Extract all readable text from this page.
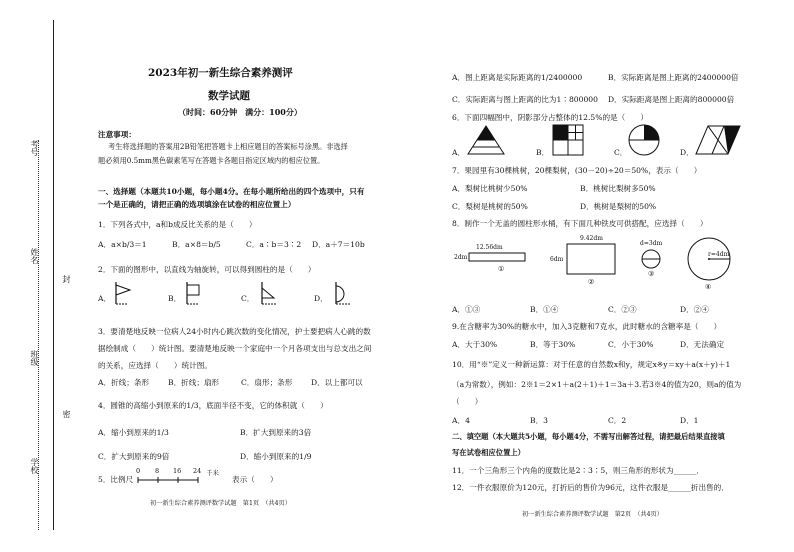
考号
姓名
封
班级
密
学校
2023年初一新生综合素养测评
数学试题
（时间：60分钟　满分：100分）
注意事项：
考生将选择题的答案用2B铅笔把答题卡上相应题目的答案标号涂黑。非选择
题必须用0.5mm黑色碳素笔写在答题卡各题目指定区域内的相应位置。
一、选择题（本题共10小题，每小题4分。在每小题所给出的四个选项中，只有
一个是正确的，请把正确的选项填涂在试卷的相应位置上）
1．下列各式中，a和b成反比关系的是（　　）
A．a×b/3＝1	B．a×8＝b/5	C．a∶b＝3∶2 D．a＋7＝10b
2．下面的图形中，以直线为轴旋转，可以得到圆柱的是（　　）
A．	B．	C．	D．
3．要清楚地反映一位病人24小时内心跳次数的变化情况，护士要把病人心跳的数
据绘制成（　　）统计图。要清楚地反映一个家庭中一个月各项支出与总支出之间
的关系，应选择（　　）统计图。
A．折线；条形 B．折线；扇形	C．扇形；条形 D．以上都可以
4．圆锥的高缩小到原来的1/3，底面半径不变，它的体积就（　　）
A．缩小到原来的1/3	B．扩大到原来的3倍
C．扩大到原来的9倍	D．缩小到原来的1/9
5．比例尺
0 8 16 24 千米
表示（　　）
初一新生综合素养测评数学试题　第1页　（共4页）
A．图上距离是实际距离的1/2400000	B．实际距离是图上距离的2400000倍
C．实际距离与图上距离的比为1∶800000 D．实际距离是图上距离的800000倍
6．下面四幅图中，阴影部分占整体的12.5%的是（　　）
A．	B．	C．	D．
7．果园里有30棵桃树，20棵梨树，(30－20)÷20＝50%，表示（　　）
A．梨树比桃树少50%	B．桃树比梨树多50%
C．梨树是桃树的50%	D．桃树是梨树的50%
8．制作一个无盖的圆柱形水桶，有下面几种铁皮可供搭配，应选择（　　）
12.56dm
2dm
①
9.42dm
6dm
②
d=3dm
③
r=4dm
④
A．①③	B．①④	C．②③	D．②④
9.在含糖率为30%的糖水中，加入3克糖和7克水，此时糖水的含糖率是（　　）
A．大于30%	B．等于30%	C．小于30%	D．无法确定
10．用“※”定义一种新运算：对于任意的自然数x和y，规定x※y＝xy＋a(x＋y)＋1
（a为常数），例如：2※1＝2×1＋a(2＋1)＋1＝3a＋3.若3※4的值为20，则a的值为
（　　）
A．4	B．3	C．2	D．1
二、填空题（本大题共5小题，每小题4分，不需写出解答过程，请把最后结果直接填
写在试卷相应位置上）
11．一个三角形三个内角的度数比是2∶3∶5，则三角形的形状为______．
12．一件衣服原价为120元，打折后的售价为96元，这件衣服是______折出售的．
初一新生综合素养测评数学试题　第2页　（共4页）
